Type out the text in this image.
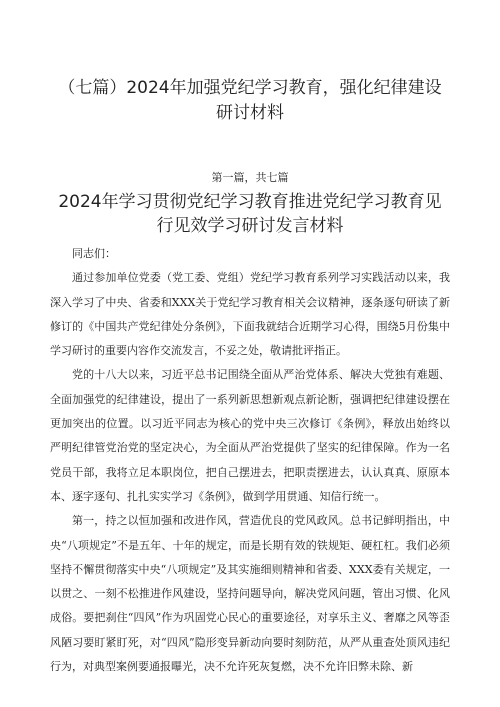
（七篇）2024年加强党纪学习教育，强化纪律建设研讨材料
第一篇，共七篇
2024年学习贯彻党纪学习教育推进党纪学习教育见行见效学习研讨发言材料

同志们：

通过参加单位党委（党工委、党组）党纪学习教育系列学习实践活动以来，我深入学习了中央、省委和XXX关于党纪学习教育相关会议精神，逐条逐句研读了新修订的《中国共产党纪律处分条例》，下面我就结合近期学习心得，围绕5月份集中学习研讨的重要内容作交流发言，不妥之处，敬请批评指正。

党的十八大以来，习近平总书记围绕全面从严治党体系、解决大党独有难题、全面加强党的纪律建设，提出了一系列新思想新观点新论断，强调把纪律建设摆在更加突出的位置。以习近平同志为核心的党中央三次修订《条例》，释放出始终以严明纪律管党治党的坚定决心，为全面从严治党提供了坚实的纪律保障。作为一名党员干部，我将立足本职岗位，把自己摆进去，把职责摆进去，认认真真、原原本本、逐字逐句、扎扎实实学习《条例》，做到学用贯通、知信行统一。

第一，持之以恒加强和改进作风，营造优良的党风政风。总书记鲜明指出，中央“八项规定”不是五年、十年的规定，而是长期有效的铁规矩、硬杠杠。我们必须坚持不懈贯彻落实中央“八项规定”及其实施细则精神和省委、XXX委有关规定，一以贯之、一刻不松推进作风建设，坚持问题导向，解决党风问题，管出习惯、化风成俗。要把刹住“四风”作为巩固党心民心的重要途径，对享乐主义、奢靡之风等歪风陋习要盯紧盯死，对“四风”隐形变异新动向要时刻防范，从严从重查处顶风违纪行为，对典型案例要通报曝光，决不允许死灰复燃，决不允许旧弊未除、新
